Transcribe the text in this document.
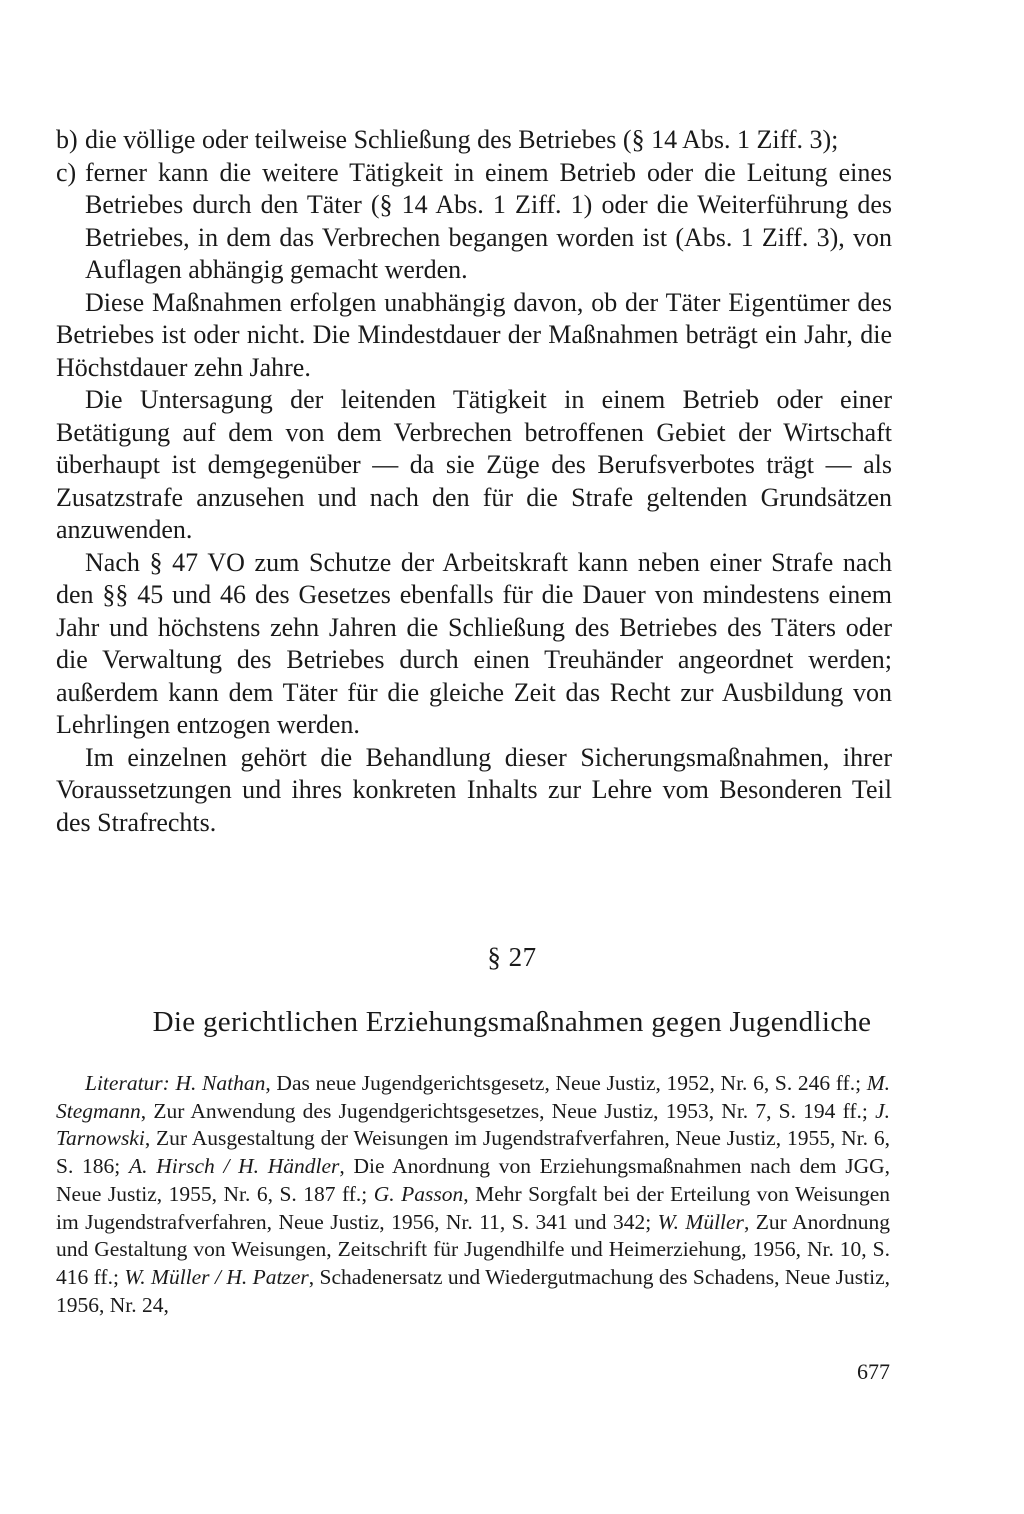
b) die völlige oder teilweise Schließung des Betriebes (§ 14 Abs. 1 Ziff. 3);
c) ferner kann die weitere Tätigkeit in einem Betrieb oder die Leitung eines Betriebes durch den Täter (§ 14 Abs. 1 Ziff. 1) oder die Weiterführung des Betriebes, in dem das Verbrechen begangen worden ist (Abs. 1 Ziff. 3), von Auflagen abhängig gemacht werden.

Diese Maßnahmen erfolgen unabhängig davon, ob der Täter Eigentümer des Betriebes ist oder nicht. Die Mindestdauer der Maßnahmen beträgt ein Jahr, die Höchstdauer zehn Jahre.

Die Untersagung der leitenden Tätigkeit in einem Betrieb oder einer Betätigung auf dem von dem Verbrechen betroffenen Gebiet der Wirtschaft überhaupt ist demgegenüber — da sie Züge des Berufsverbotes trägt — als Zusatzstrafe anzusehen und nach den für die Strafe geltenden Grundsätzen anzuwenden.

Nach § 47 VO zum Schutze der Arbeitskraft kann neben einer Strafe nach den §§ 45 und 46 des Gesetzes ebenfalls für die Dauer von mindestens einem Jahr und höchstens zehn Jahren die Schließung des Betriebes des Täters oder die Verwaltung des Betriebes durch einen Treuhänder angeordnet werden; außerdem kann dem Täter für die gleiche Zeit das Recht zur Ausbildung von Lehrlingen entzogen werden.

Im einzelnen gehört die Behandlung dieser Sicherungsmaßnahmen, ihrer Voraussetzungen und ihres konkreten Inhalts zur Lehre vom Besonderen Teil des Strafrechts.

§ 27
Die gerichtlichen Erziehungsmaßnahmen gegen Jugendliche
Literatur: H. Nathan, Das neue Jugendgerichtsgesetz, Neue Justiz, 1952, Nr. 6, S. 246 ff.; M. Stegmann, Zur Anwendung des Jugendgerichtsgesetzes, Neue Justiz, 1953, Nr. 7, S. 194 ff.; J. Tarnowski, Zur Ausgestaltung der Weisungen im Jugendstrafverfahren, Neue Justiz, 1955, Nr. 6, S. 186; A. Hirsch / H. Händler, Die Anordnung von Erziehungsmaßnahmen nach dem JGG, Neue Justiz, 1955, Nr. 6, S. 187 ff.; G. Passon, Mehr Sorgfalt bei der Erteilung von Weisungen im Jugendstrafverfahren, Neue Justiz, 1956, Nr. 11, S. 341 und 342; W. Müller, Zur Anordnung und Gestaltung von Weisungen, Zeitschrift für Jugendhilfe und Heimerziehung, 1956, Nr. 10, S. 416 ff.; W. Müller / H. Patzer, Schadenersatz und Wiedergutmachung des Schadens, Neue Justiz, 1956, Nr. 24,
677
